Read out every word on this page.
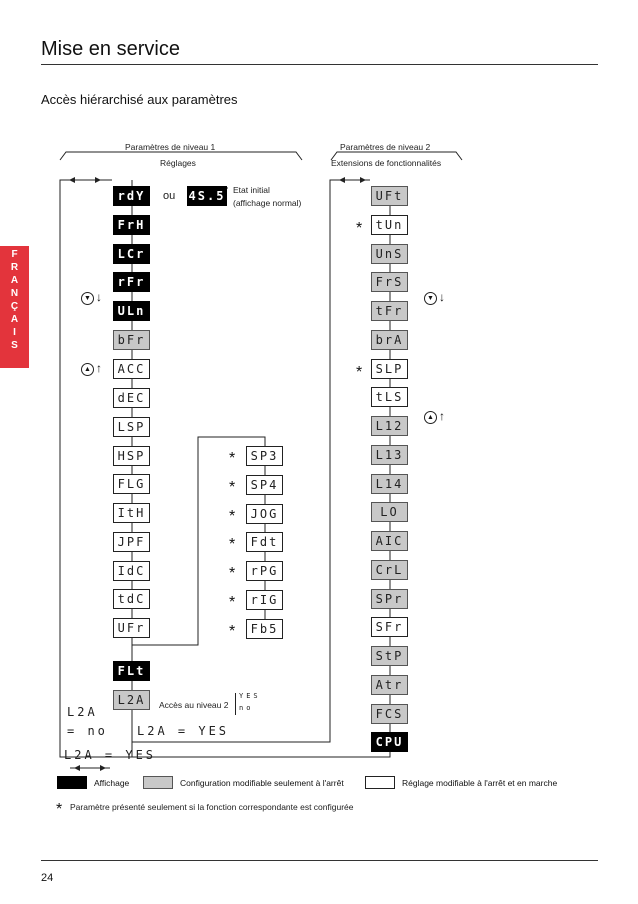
Mise en service
Accès hiérarchisé aux paramètres
F
R
A
N
Ç
A
I
S
Paramètres de niveau 1
Réglages
Paramètres de niveau 2
Extensions de fonctionnalités
ou 4S.5 Etat initial
(affichage normal)
rdY
FrH
LCr
rFr
ULn
bFr
ACC
dEC
LSP
HSP
FLG
ItH
JPF
IdC
tdC
UFr
FLt
L2A
SP3
*
SP4
*
JOG
*
Fdt
*
rPG
*
rIG
*
Fb5
*
UFt
tUn
*
UnS
FrS
tFr
brA
SLP
*
tLS
L12
L13
L14
LO
AIC
CrL
SPr
SFr
StP
Atr
FCS
CPU
▼ ↓
▲ ↑
▼ ↓
▲ ↑
Accès au niveau 2
YES
no
L2A
= no L2A = YES
L2A = YES
Affichage	Configuration modifiable seulement à l'arrêt	Réglage modifiable à l'arrêt et en marche
* Paramètre présenté seulement si la fonction correspondante est configurée
24
